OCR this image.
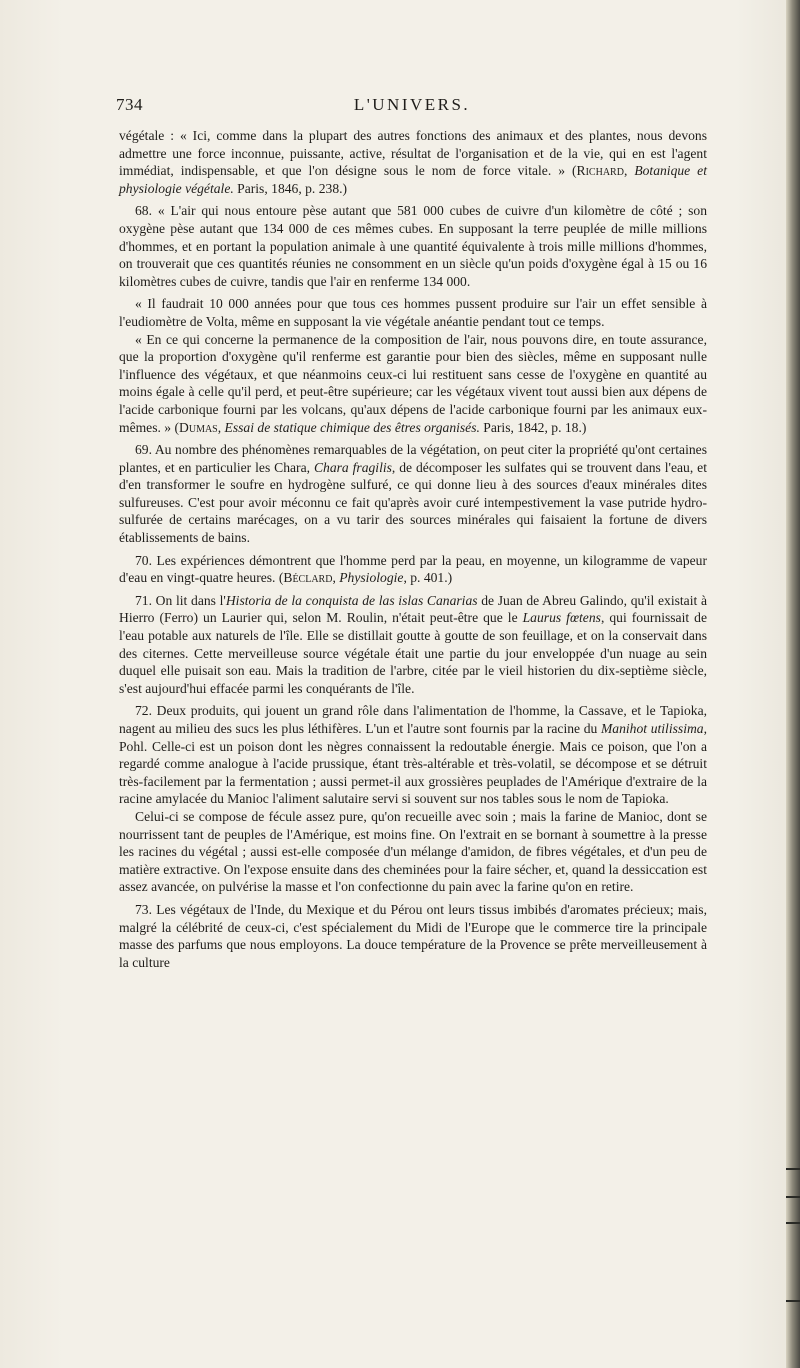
734	L'UNIVERS.

végétale : « Ici, comme dans la plupart des autres fonctions des animaux et des plantes, nous devons admettre une force inconnue, puissante, active, résultat de l'organisation et de la vie, qui en est l'agent immédiat, indispensable, et que l'on désigne sous le nom de force vitale. » (Richard, Botanique et physiologie végétale. Paris, 1846, p. 238.)

68. « L'air qui nous entoure pèse autant que 581 000 cubes de cuivre d'un kilomètre de côté ; son oxygène pèse autant que 134 000 de ces mêmes cubes. En supposant la terre peuplée de mille millions d'hommes, et en portant la population animale à une quantité équivalente à trois mille millions d'hommes, on trouverait que ces quantités réunies ne consomment en un siècle qu'un poids d'oxygène égal à 15 ou 16 kilomètres cubes de cuivre, tandis que l'air en renferme 134 000.

« Il faudrait 10 000 années pour que tous ces hommes pussent produire sur l'air un effet sensible à l'eudiomètre de Volta, même en supposant la vie végétale anéantie pendant tout ce temps.

« En ce qui concerne la permanence de la composition de l'air, nous pouvons dire, en toute assurance, que la proportion d'oxygène qu'il renferme est garantie pour bien des siècles, même en supposant nulle l'influence des végétaux, et que néanmoins ceux-ci lui restituent sans cesse de l'oxygène en quantité au moins égale à celle qu'il perd, et peut-être supérieure; car les végétaux vivent tout aussi bien aux dépens de l'acide carbonique fourni par les volcans, qu'aux dépens de l'acide carbonique fourni par les animaux eux-mêmes. » (Dumas, Essai de statique chimique des êtres organisés. Paris, 1842, p. 18.)

69. Au nombre des phénomènes remarquables de la végétation, on peut citer la propriété qu'ont certaines plantes, et en particulier les Chara, Chara fragilis, de décomposer les sulfates qui se trouvent dans l'eau, et d'en transformer le soufre en hydrogène sulfuré, ce qui donne lieu à des sources d'eaux minérales dites sulfureuses. C'est pour avoir méconnu ce fait qu'après avoir curé intempestivement la vase putride hydro-sulfurée de certains marécages, on a vu tarir des sources minérales qui faisaient la fortune de divers établissements de bains.

70. Les expériences démontrent que l'homme perd par la peau, en moyenne, un kilogramme de vapeur d'eau en vingt-quatre heures. (Béclard, Physiologie, p. 401.)

71. On lit dans l'Historia de la conquista de las islas Canarias de Juan de Abreu Galindo, qu'il existait à Hierro (Ferro) un Laurier qui, selon M. Roulin, n'était peut-être que le Laurus fœtens, qui fournissait de l'eau potable aux naturels de l'île. Elle se distillait goutte à goutte de son feuillage, et on la conservait dans des citernes. Cette merveilleuse source végétale était une partie du jour enveloppée d'un nuage au sein duquel elle puisait son eau. Mais la tradition de l'arbre, citée par le vieil historien du dix-septième siècle, s'est aujourd'hui effacée parmi les conquérants de l'île.

72. Deux produits, qui jouent un grand rôle dans l'alimentation de l'homme, la Cassave, et le Tapioka, nagent au milieu des sucs les plus léthifères. L'un et l'autre sont fournis par la racine du Manihot utilissima, Pohl. Celle-ci est un poison dont les nègres connaissent la redoutable énergie. Mais ce poison, que l'on a regardé comme analogue à l'acide prussique, étant très-altérable et très-volatil, se décompose et se détruit très-facilement par la fermentation ; aussi permet-il aux grossières peuplades de l'Amérique d'extraire de la racine amylacée du Manioc l'aliment salutaire servi si souvent sur nos tables sous le nom de Tapioka.

Celui-ci se compose de fécule assez pure, qu'on recueille avec soin ; mais la farine de Manioc, dont se nourrissent tant de peuples de l'Amérique, est moins fine. On l'extrait en se bornant à soumettre à la presse les racines du végétal ; aussi est-elle composée d'un mélange d'amidon, de fibres végétales, et d'un peu de matière extractive. On l'expose ensuite dans des cheminées pour la faire sécher, et, quand la dessiccation est assez avancée, on pulvérise la masse et l'on confectionne du pain avec la farine qu'on en retire.

73. Les végétaux de l'Inde, du Mexique et du Pérou ont leurs tissus imbibés d'aromates précieux; mais, malgré la célébrité de ceux-ci, c'est spécialement du Midi de l'Europe que le commerce tire la principale masse des parfums que nous employons. La douce température de la Provence se prête merveilleusement à la culture
